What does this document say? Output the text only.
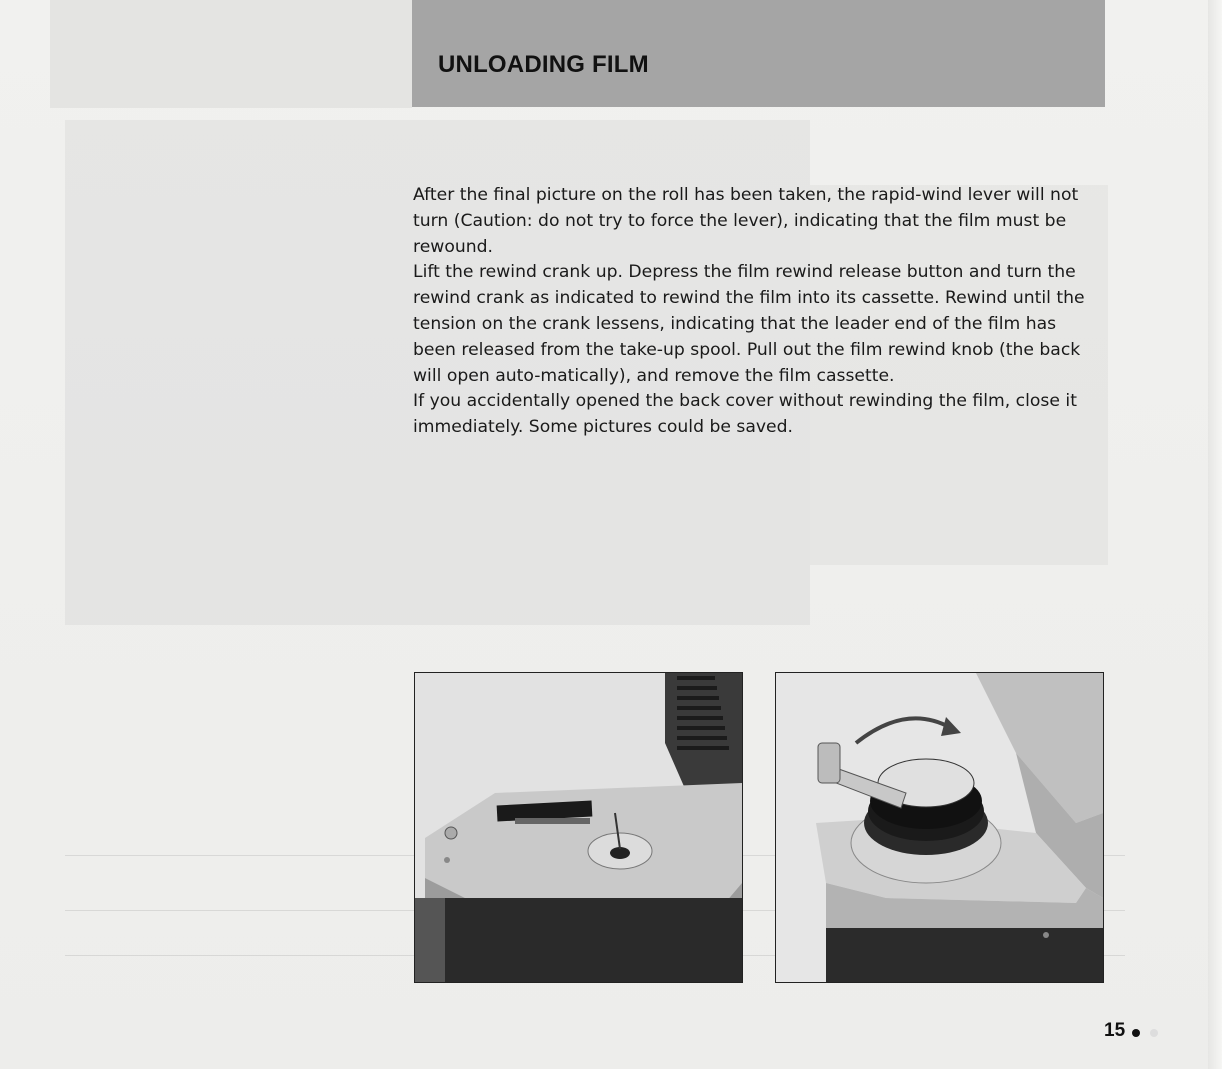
UNLOADING FILM

After the final picture on the roll has been taken, the rapid-wind lever will not turn (Caution: do not try to force the lever), indicating that the film must be rewound.

Lift the rewind crank up. Depress the film rewind release button and turn the rewind crank as indicated to rewind the film into its cassette. Rewind until the tension on the crank lessens, indicating that the leader end of the film has been released from the take-up spool. Pull out the film rewind knob (the back will open auto-matically), and remove the film cassette.

If you accidentally opened the back cover without rewinding the film, close it immediately. Some pictures could be saved.

15
